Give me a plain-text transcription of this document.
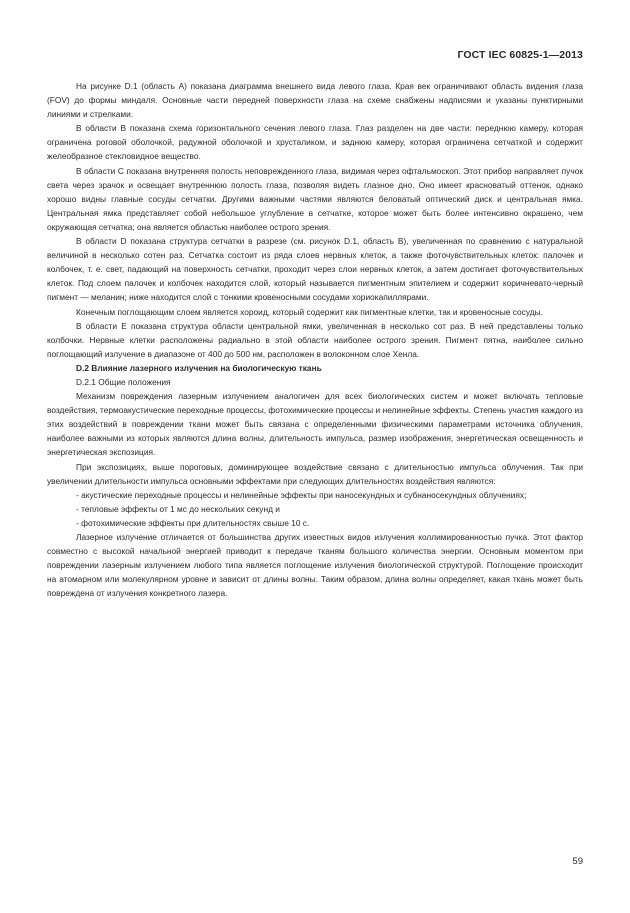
ГОСТ IEC 60825-1—2013

На рисунке D.1 (область А) показана диаграмма внешнего вида левого глаза. Края век ограничивают область видения глаза (FOV) до формы миндаля. Основные части передней поверхности глаза на схеме снабжены надписями и указаны пунктирными линиями и стрелками.

В области В показана схема горизонтального сечения левого глаза. Глаз разделен на две части: переднюю камеру, которая ограничена роговой оболочкой, радужной оболочкой и хрусталиком, и заднюю камеру, которая ограничена сетчаткой и содержит желеобразное стекловидное вещество.

В области С показана внутренняя полость неповрежденного глаза, видимая через офтальмоскоп. Этот прибор направляет пучок света через зрачок и освещает внутреннюю полость глаза, позволяя видеть глазное дно. Оно имеет красноватый оттенок, однако хорошо видны главные сосуды сетчатки. Другими важными частями являются беловатый оптический диск и центральная ямка. Центральная ямка представляет собой небольшое углубление в сетчатке, которое может быть более интенсивно окрашено, чем окружающая сетчатка; она является областью наиболее острого зрения.

В области D показана структура сетчатки в разрезе (см. рисунок D.1, область В), увеличенная по сравнению с натуральной величиной в несколько сотен раз. Сетчатка состоит из ряда слоев нервных клеток, а также фоточувствительных клеток: палочек и колбочек, т. е. свет, падающий на поверхность сетчатки, проходит через слои нервных клеток, а затем достигает фоточувствительных клеток. Под слоем палочек и колбочек находится слой, который называется пигментным эпителием и содержит коричневато-черный пигмент — меланин; ниже находится слой с тонкими кровеносными сосудами хориокапиллярами.

Конечным поглощающим слоем является хороид, который содержит как пигментные клетки, так и кровеносные сосуды.

В области Е показана структура области центральной ямки, увеличенная в несколько сот раз. В ней представлены только колбочки. Нервные клетки расположены радиально в этой области наиболее острого зрения. Пигмент пятна, наиболее сильно поглощающий излучение в диапазоне от 400 до 500 нм, расположен в волоконном слое Хенла.

D.2 Влияние лазерного излучения на биологическую ткань

D.2.1 Общие положения

Механизм повреждения лазерным излучением аналогичен для всех биологических систем и может включать тепловые воздействия, термоакустические переходные процессы, фотохимические процессы и нелинейные эффекты. Степень участия каждого из этих воздействий в повреждении ткани может быть связана с определенными физическими параметрами источника облучения, наиболее важными из которых являются длина волны, длительность импульса, размер изображения, энергетическая освещенность и энергетическая экспозиция.

При экспозициях, выше пороговых, доминирующее воздействие связано с длительностью импульса облучения. Так при увеличении длительности импульса основными эффектами при следующих длительностях воздействия являются:

- акустические переходные процессы и нелинейные эффекты при наносекундных и субнаносекундных облучениях;

- тепловые эффекты от 1 мс до нескольких секунд и

- фотохимические эффекты при длительностях свыше 10 с.

Лазерное излучение отличается от большинства других известных видов излучения коллимированностью пучка. Этот фактор совместно с высокой начальной энергией приводит к передаче тканям большого количества энергии. Основным моментом при повреждении лазерным излучением любого типа является поглощение излучения биологической структурой. Поглощение происходит на атомарном или молекулярном уровне и зависит от длины волны. Таким образом, длина волны определяет, какая ткань может быть повреждена от излучения конкретного лазера.

59
